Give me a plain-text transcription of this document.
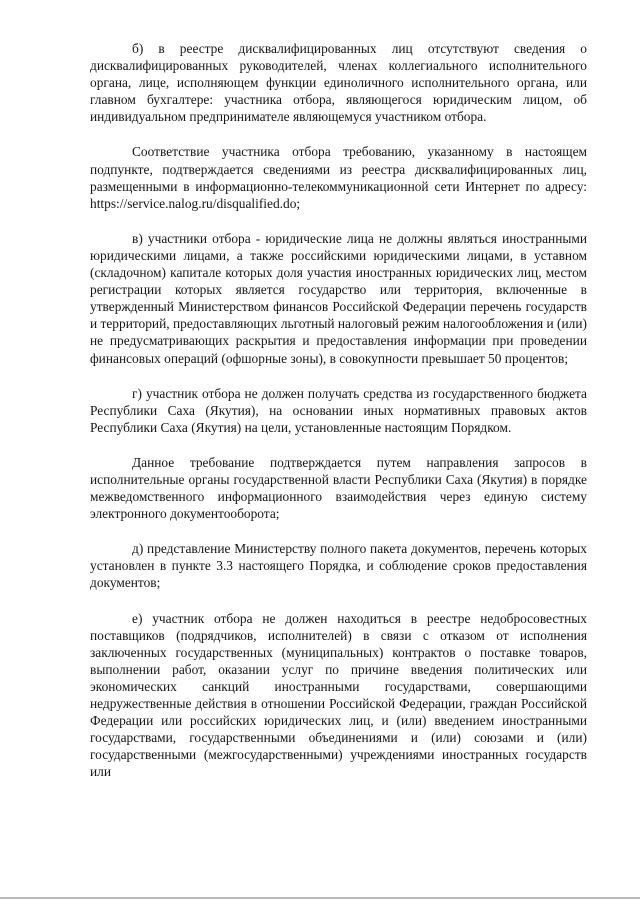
б) в реестре дисквалифицированных лиц отсутствуют сведения о дисквалифицированных руководителей, членах коллегиального исполнительного органа, лице, исполняющем функции единоличного исполнительного органа, или главном бухгалтере: участника отбора, являющегося юридическим лицом, об индивидуальном предпринимателе являющемуся участником отбора.

Соответствие участника отбора требованию, указанному в настоящем подпункте, подтверждается сведениями из реестра дисквалифицированных лиц, размещенными в информационно-телекоммуникационной сети Интернет по адресу: https://service.nalog.ru/disqualified.do;

в) участники отбора - юридические лица не должны являться иностранными юридическими лицами, а также российскими юридическими лицами, в уставном (складочном) капитале которых доля участия иностранных юридических лиц, местом регистрации которых является государство или территория, включенные в утвержденный Министерством финансов Российской Федерации перечень государств и территорий, предоставляющих льготный налоговый режим налогообложения и (или) не предусматривающих раскрытия и предоставления информации при проведении финансовых операций (офшорные зоны), в совокупности превышает 50 процентов;

г) участник отбора не должен получать средства из государственного бюджета Республики Саха (Якутия), на основании иных нормативных правовых актов Республики Саха (Якутия) на цели, установленные настоящим Порядком.

Данное требование подтверждается путем направления запросов в исполнительные органы государственной власти Республики Саха (Якутия) в порядке межведомственного информационного взаимодействия через единую систему электронного документооборота;

д) представление Министерству полного пакета документов, перечень которых установлен в пункте 3.3 настоящего Порядка, и соблюдение сроков предоставления документов;

е) участник отбора не должен находиться в реестре недобросовестных поставщиков (подрядчиков, исполнителей) в связи с отказом от исполнения заключенных государственных (муниципальных) контрактов о поставке товаров, выполнении работ, оказании услуг по причине введения политических или экономических санкций иностранными государствами, совершающими недружественные действия в отношении Российской Федерации, граждан Российской Федерации или российских юридических лиц, и (или) введением иностранными государствами, государственными объединениями и (или) союзами и (или) государственными (межгосударственными) учреждениями иностранных государств или
